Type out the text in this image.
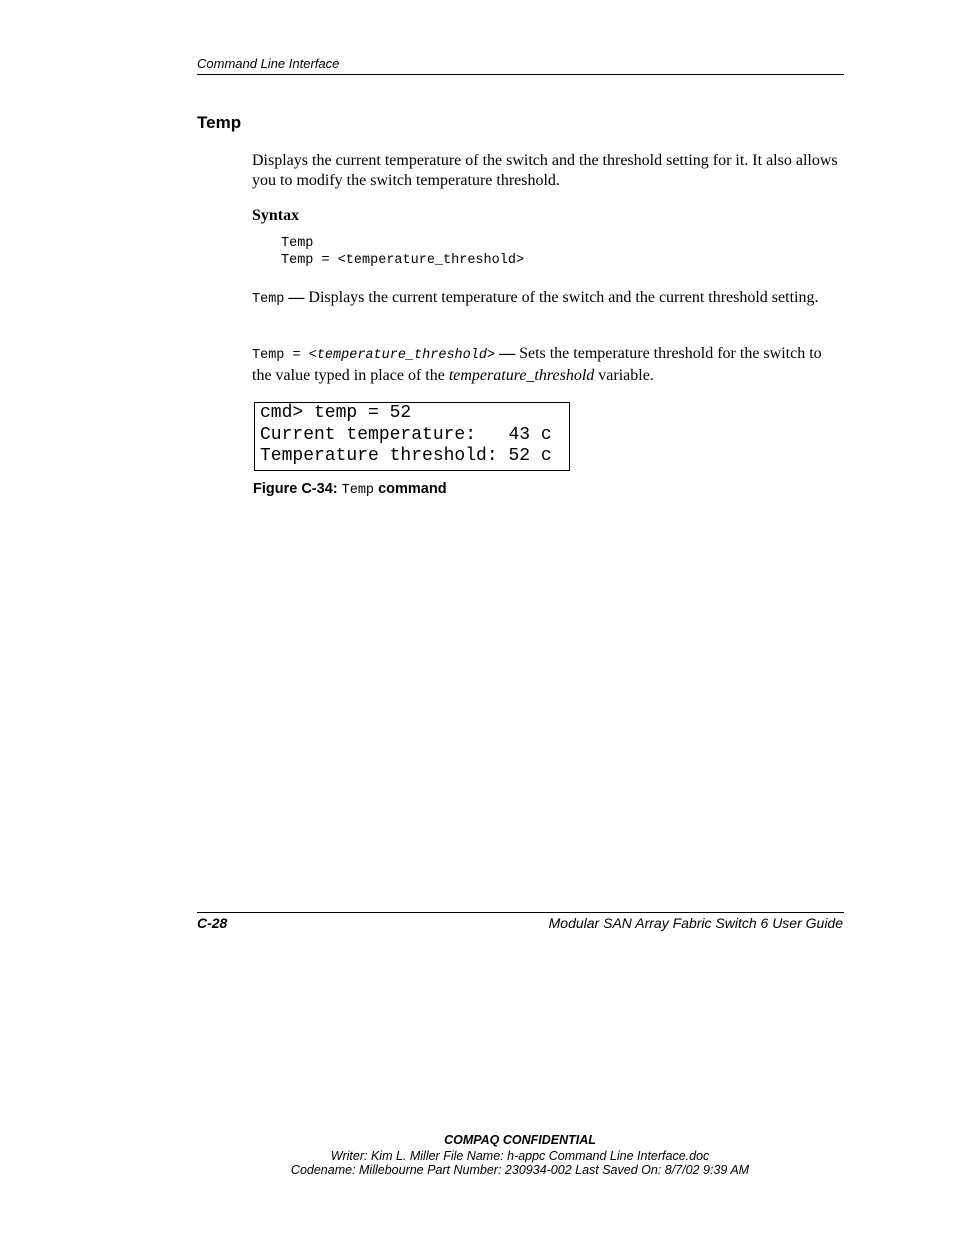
Command Line Interface
Temp
Displays the current temperature of the switch and the threshold setting for it. It also allows you to modify the switch temperature threshold.
Syntax
Temp
Temp = <temperature_threshold>
Temp — Displays the current temperature of the switch and the current threshold setting.
Temp = <temperature_threshold> — Sets the temperature threshold for the switch to the value typed in place of the temperature_threshold variable.
cmd> temp = 52
Current temperature:   43 c
Temperature threshold: 52 c
Figure C-34: Temp command
C-28	Modular SAN Array Fabric Switch 6 User Guide
COMPAQ CONFIDENTIAL
Writer: Kim L. Miller File Name: h-appc Command Line Interface.doc
Codename: Millebourne Part Number: 230934-002 Last Saved On: 8/7/02 9:39 AM
